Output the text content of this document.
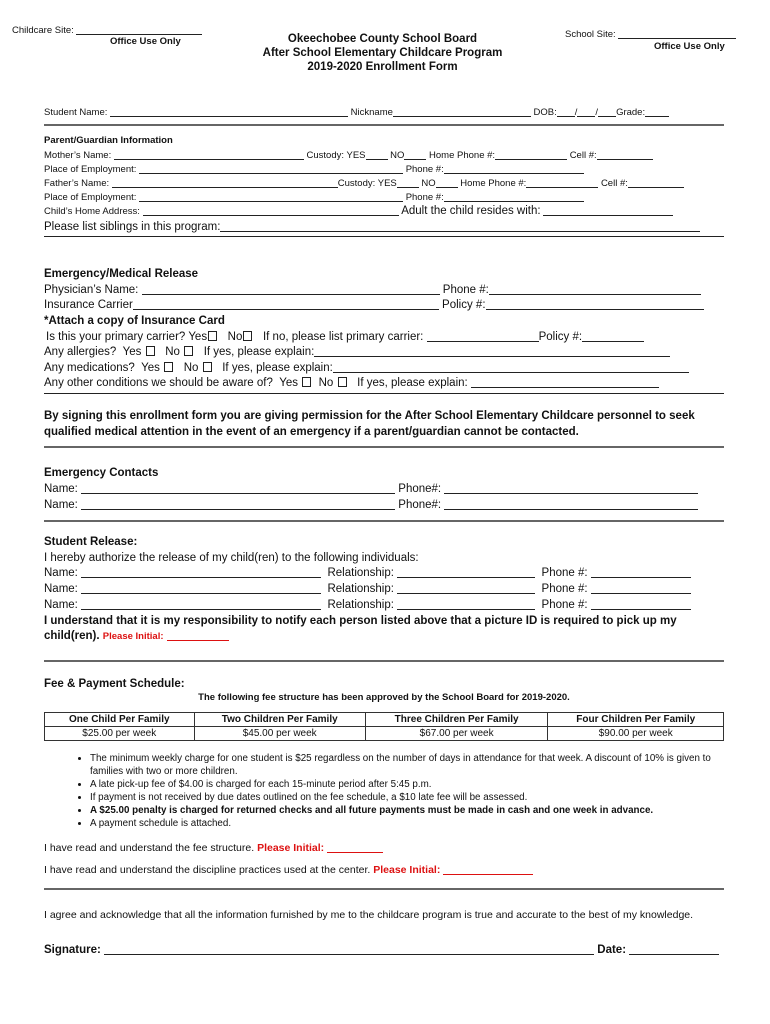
Childcare Site:
Office Use Only	Okeechobee County School Board
After School Elementary Childcare Program
2019-2020 Enrollment Form
School Site:
Office Use Only
Student Name:	Nickname	DOB: / / Grade:
Parent/Guardian Information
Mother’s Name:	Custody: YES	NO	Home Phone #:	Cell #:
Place of Employment:	Phone #:
Father’s Name:	Custody: YES	NO	Home Phone #:	Cell #:
Place of Employment:	Phone #:
Child’s Home Address:	Adult the child resides with:
Please list siblings in this program:
Emergency/Medical Release
Physician’s Name:	Phone #:
Insurance Carrier	Policy #:
*Attach a copy of Insurance Card
Is this your primary carrier? Yes No If no, please list primary carrier:	Policy #:
Any allergies? Yes No If yes, please explain:
Any medications? Yes No If yes, please explain:
Any other conditions we should be aware of? Yes No If yes, please explain:
By signing this enrollment form you are giving permission for the After School Elementary Childcare personnel to seek qualified medical attention in the event of an emergency if a parent/guardian cannot be contacted.
Emergency Contacts
Name:	Phone#:
Name:	Phone#:
Student Release:
I hereby authorize the release of my child(ren) to the following individuals:
Name:	Relationship:	Phone #:
Name:	Relationship:	Phone #:
Name:	Relationship:	Phone #:
I understand that it is my responsibility to notify each person listed above that a picture ID is required to pick up my
child(ren). Please Initial:
Fee & Payment Schedule:
The following fee structure has been approved by the School Board for 2019-2020.
One Child Per Family	Two Children Per Family	Three Children Per Family	Four Children Per Family
$25.00 per week	$45.00 per week	$67.00 per week	$90.00 per week
• The minimum weekly charge for one student is $25 regardless on the number of days in attendance for that week. A discount of 10% is given to families with two or more children.
• A late pick-up fee of $4.00 is charged for each 15-minute period after 5:45 p.m.
• If payment is not received by due dates outlined on the fee schedule, a $10 late fee will be assessed.
• A $25.00 penalty is charged for returned checks and all future payments must be made in cash and one week in advance.
• A payment schedule is attached.
I have read and understand the fee structure. Please Initial:
I have read and understand the discipline practices used at the center. Please Initial:
I agree and acknowledge that all the information furnished by me to the childcare program is true and accurate to the best of my knowledge.
Signature:	Date:
